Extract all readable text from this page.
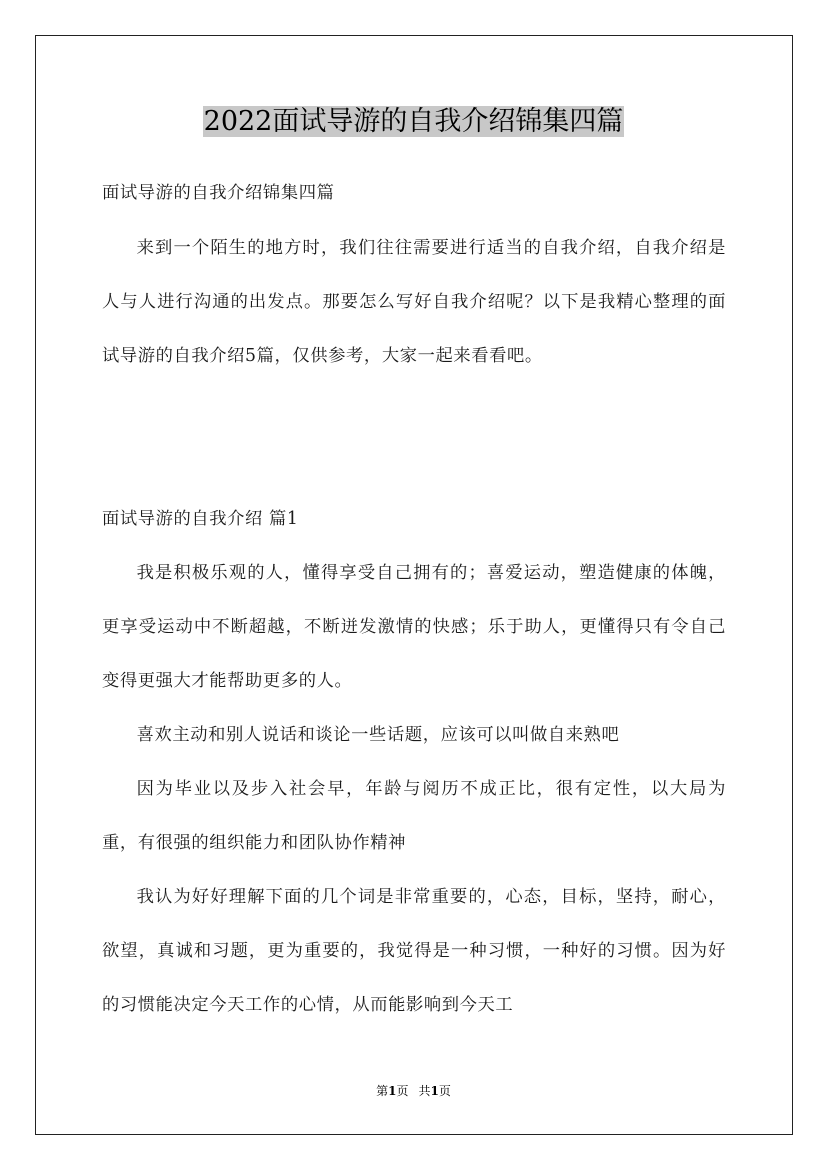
2022面试导游的自我介绍锦集四篇
面试导游的自我介绍锦集四篇
来到一个陌生的地方时，我们往往需要进行适当的自我介绍，自我介绍是人与人进行沟通的出发点。那要怎么写好自我介绍呢？以下是我精心整理的面试导游的自我介绍5篇，仅供参考，大家一起来看看吧。
面试导游的自我介绍 篇1
我是积极乐观的人，懂得享受自己拥有的；喜爱运动，塑造健康的体魄，更享受运动中不断超越，不断迸发激情的快感；乐于助人，更懂得只有令自己变得更强大才能帮助更多的人。
喜欢主动和别人说话和谈论一些话题，应该可以叫做自来熟吧
因为毕业以及步入社会早，年龄与阅历不成正比，很有定性，以大局为重，有很强的组织能力和团队协作精神
我认为好好理解下面的几个词是非常重要的，心态，目标，坚持，耐心，欲望，真诚和习题，更为重要的，我觉得是一种习惯，一种好的习惯。因为好的习惯能决定今天工作的心情，从而能影响到今天工
第1页 共1页
